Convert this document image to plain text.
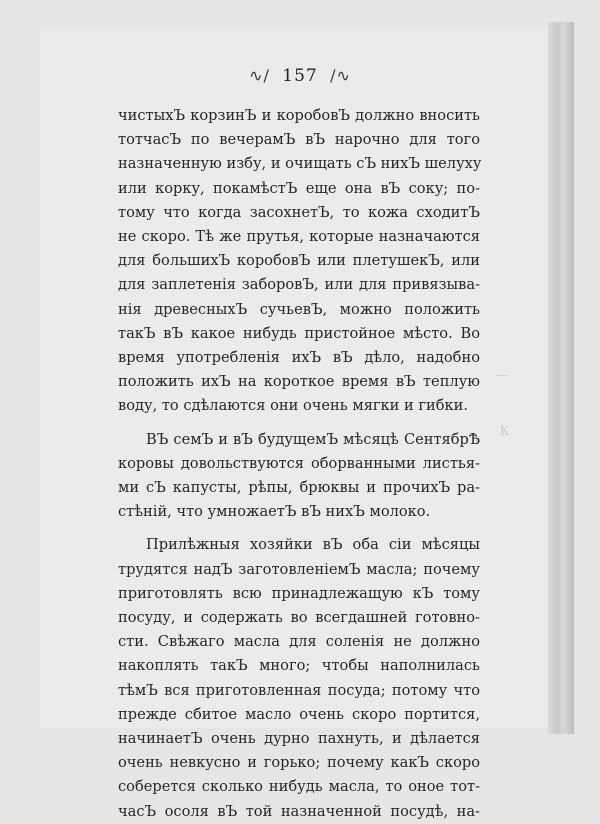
—
К
∿∕ 157 ∕∿
чистыхЪ корзинЪ и коробовЪ должно вносить
тотчасЪ по вечерамЪ вЪ нарочно для того
назначенную избу, и очищать сЪ нихЪ шелуху
или корку, покамѣстЪ еще она вЪ соку; по-
тому что когда засохнетЪ, то кожа сходитЪ
не скоро. Тѣ же прутья, которые назначаются
для большихЪ коробовЪ или плетушекЪ, или
для заплетенія заборовЪ, или для привязыва-
нія древесныхЪ сучьевЪ, можно положить
такЪ вЪ какое нибудь пристойное мѣсто. Во
время употребленія ихЪ вЪ дѣло, надобно
положить ихЪ на короткое время вЪ теплую
воду, то сдѣлаются они очень мягки и гибки.
ВЪ семЪ и вЪ будущемЪ мѣсяцѣ СентябрѢ
коровы довольствуются оборванными листья-
ми сЪ капусты, рѣпы, брюквы и прочихЪ ра-
стѣній, что умножаетЪ вЪ нихЪ молоко.
Прилѣжныя хозяйки вЪ оба сіи мѣсяцы
трудятся надЪ заготовленіемЪ масла; почему
приготовлять всю принадлежащую кЪ тому
посуду, и содержать во всегдашней готовно-
сти. Свѣжаго масла для соленія не должно
накоплять такЪ много; чтобы наполнилась
тѣмЪ вся приготовленная посуда; потому что
прежде сбитое масло очень скоро портится,
начинаетЪ очень дурно пахнуть, и дѣлается
очень невкусно и горько; почему какЪ скоро
соберется сколько нибудь масла, то оное тот-
часЪ осоля вЪ той назначенной посудѣ, на-
